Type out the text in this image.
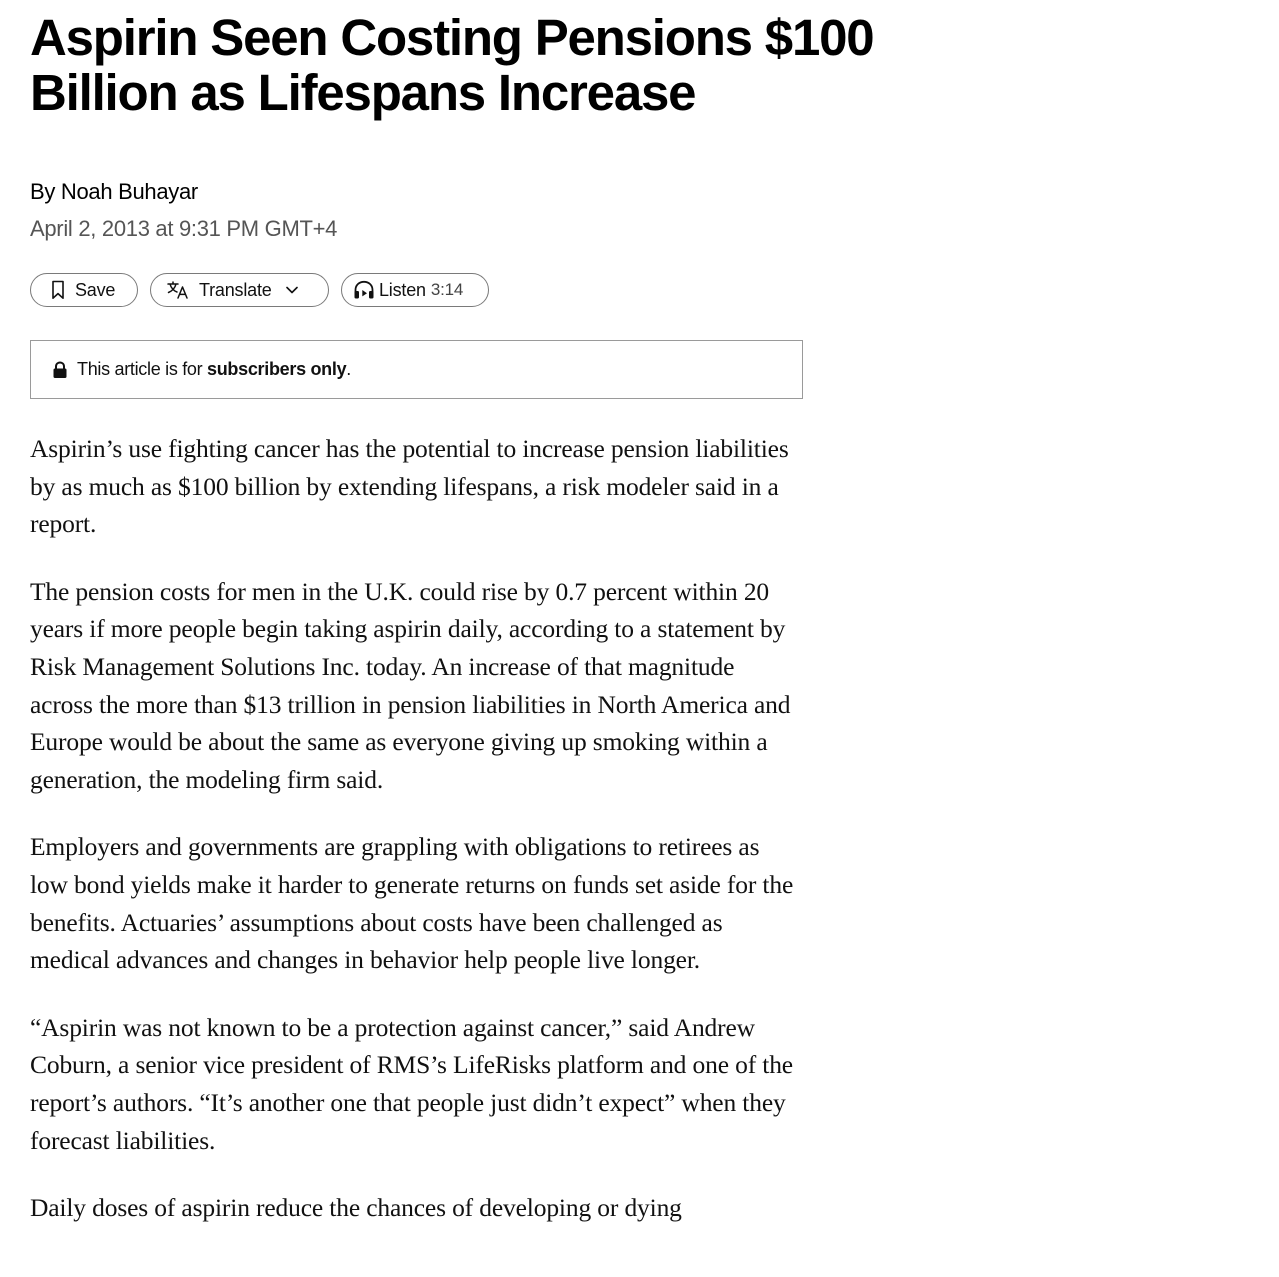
Aspirin Seen Costing Pensions $100 Billion as Lifespans Increase
By Noah Buhayar
April 2, 2013 at 9:31 PM GMT+4
Save	Translate	Listen 3:14
This article is for subscribers only .

Aspirin’s use fighting cancer has the potential to increase pension liabilities by as much as $100 billion by extending lifespans, a risk modeler said in a report.

The pension costs for men in the U.K. could rise by 0.7 percent within 20 years if more people begin taking aspirin daily, according to a statement by Risk Management Solutions Inc. today. An increase of that magnitude across the more than $13 trillion in pension liabilities in North America and Europe would be about the same as everyone giving up smoking within a generation, the modeling firm said.

Employers and governments are grappling with obligations to retirees as low bond yields make it harder to generate returns on funds set aside for the benefits. Actuaries’ assumptions about costs have been challenged as medical advances and changes in behavior help people live longer.

“Aspirin was not known to be a protection against cancer,” said Andrew Coburn, a senior vice president of RMS’s LifeRisks platform and one of the report’s authors. “It’s another one that people just didn’t expect” when they forecast liabilities.

Daily doses of aspirin reduce the chances of developing or dying
